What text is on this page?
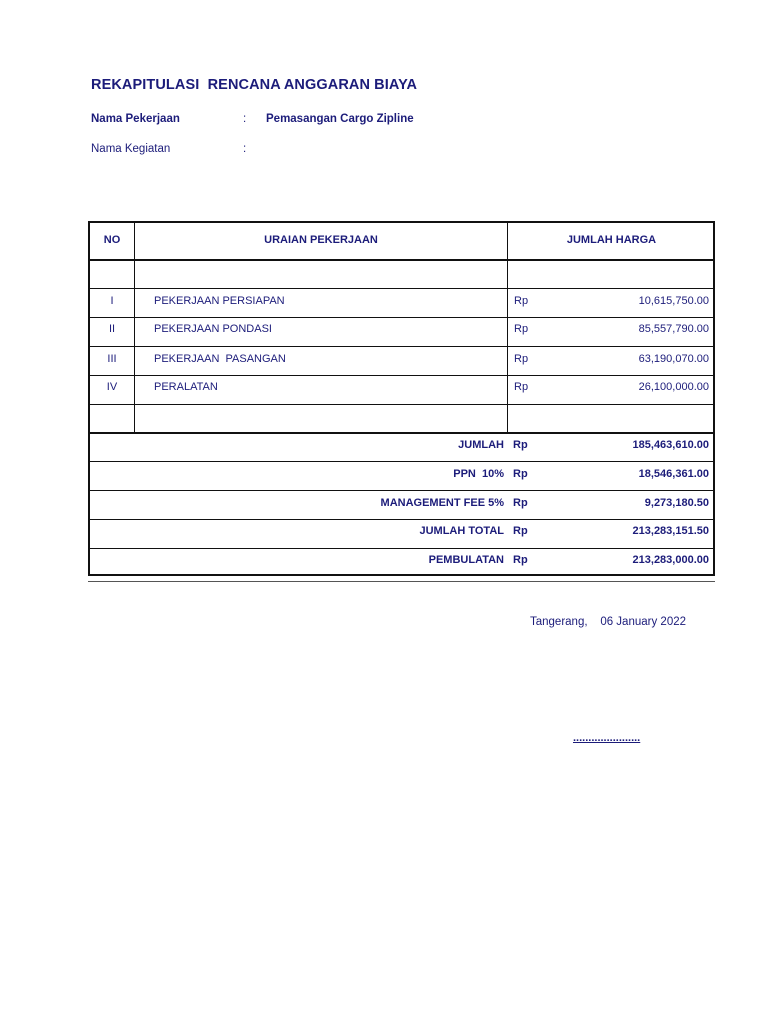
REKAPITULASI  RENCANA ANGGARAN BIAYA
Nama Pekerjaan	: Pemasangan Cargo Zipline
Nama Kegiatan	:
NO	URAIAN PEKERJAAN	JUMLAH HARGA
I	PEKERJAAN PERSIAPAN	Rp	10,615,750.00
II	PEKERJAAN PONDASI	Rp	85,557,790.00
III	PEKERJAAN  PASANGAN	Rp	63,190,070.00
IV	PERALATAN	Rp	26,100,000.00
JUMLAH Rp	185,463,610.00
PPN  10% Rp	18,546,361.00
MANAGEMENT FEE 5% Rp	9,273,180.50
JUMLAH TOTAL Rp	213,283,151.50
PEMBULATAN Rp	213,283,000.00
Tangerang,    06 January 2022
......................
